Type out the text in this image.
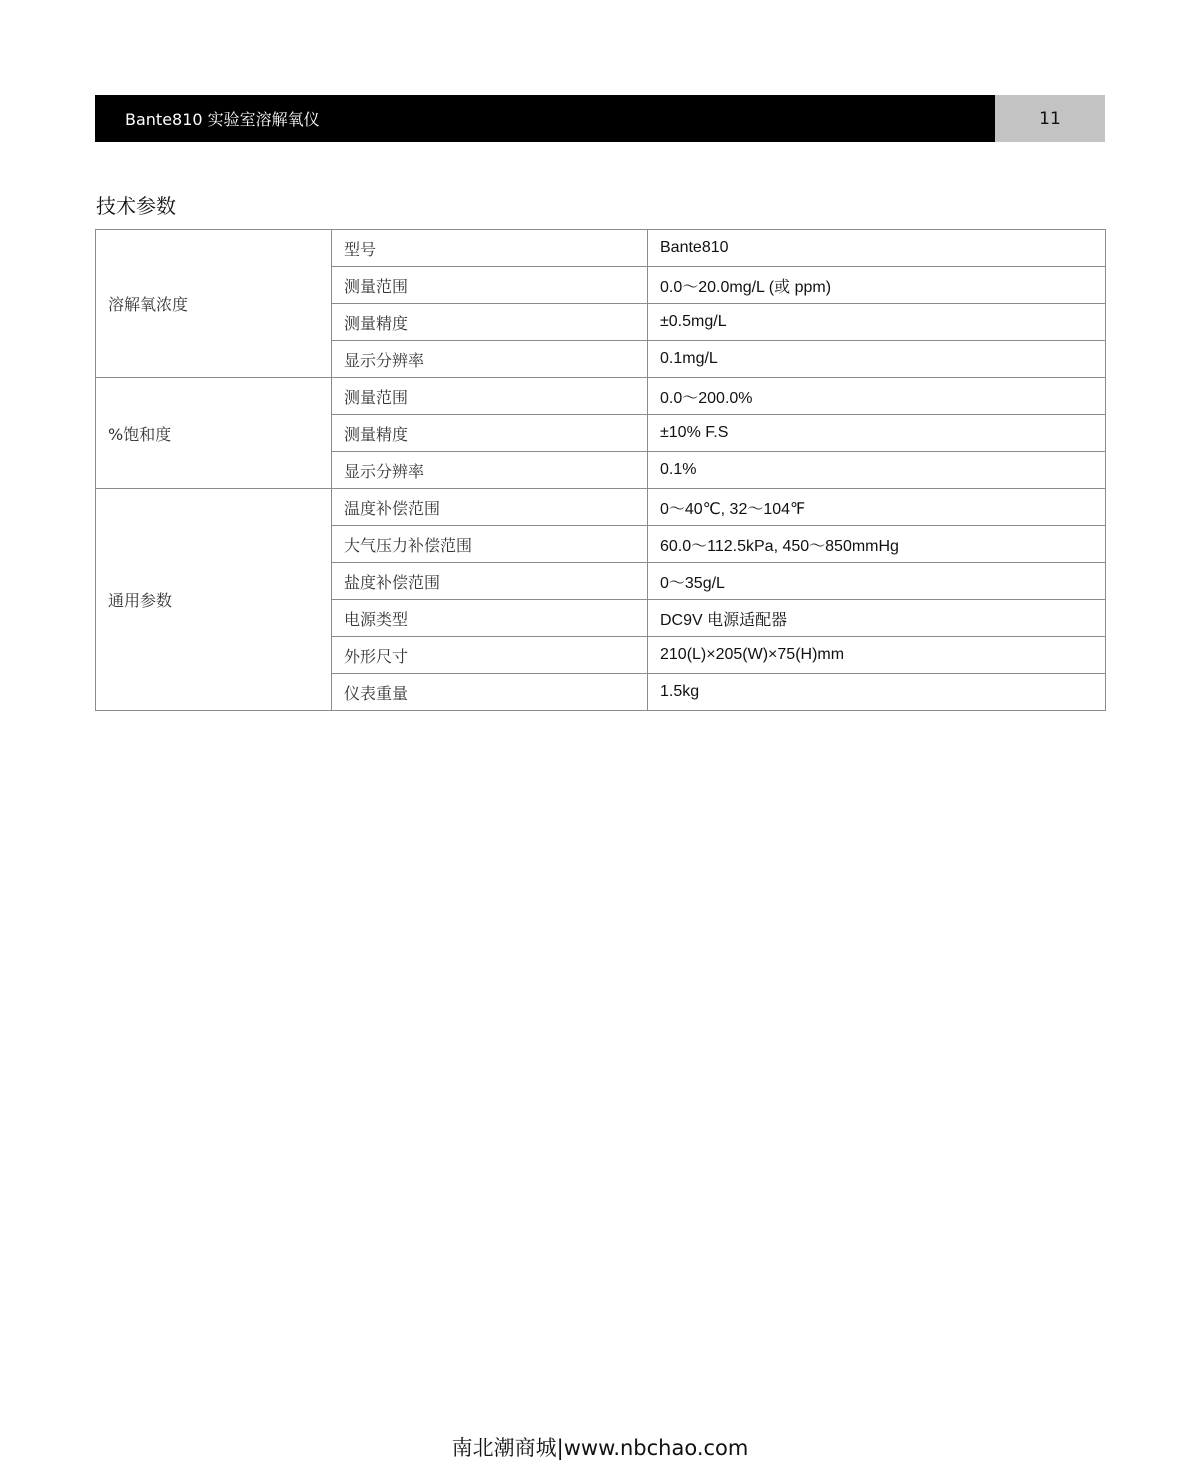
Bante810 实验室溶解氧仪	11
技术参数
溶解氧浓度	型号	Bante810
	测量范围	0.0～20.0mg/L (或 ppm)
	测量精度	±0.5mg/L
	显示分辨率	0.1mg/L
%饱和度	测量范围	0.0～200.0%
	测量精度	±10% F.S
	显示分辨率	0.1%
通用参数	温度补偿范围	0～40℃, 32～104℉
	大气压力补偿范围	60.0～112.5kPa, 450～850mmHg
	盐度补偿范围	0～35g/L
	电源类型	DC9V 电源适配器
	外形尺寸	210(L)×205(W)×75(H)mm
	仪表重量	1.5kg
南北潮商城|www.nbchao.com
